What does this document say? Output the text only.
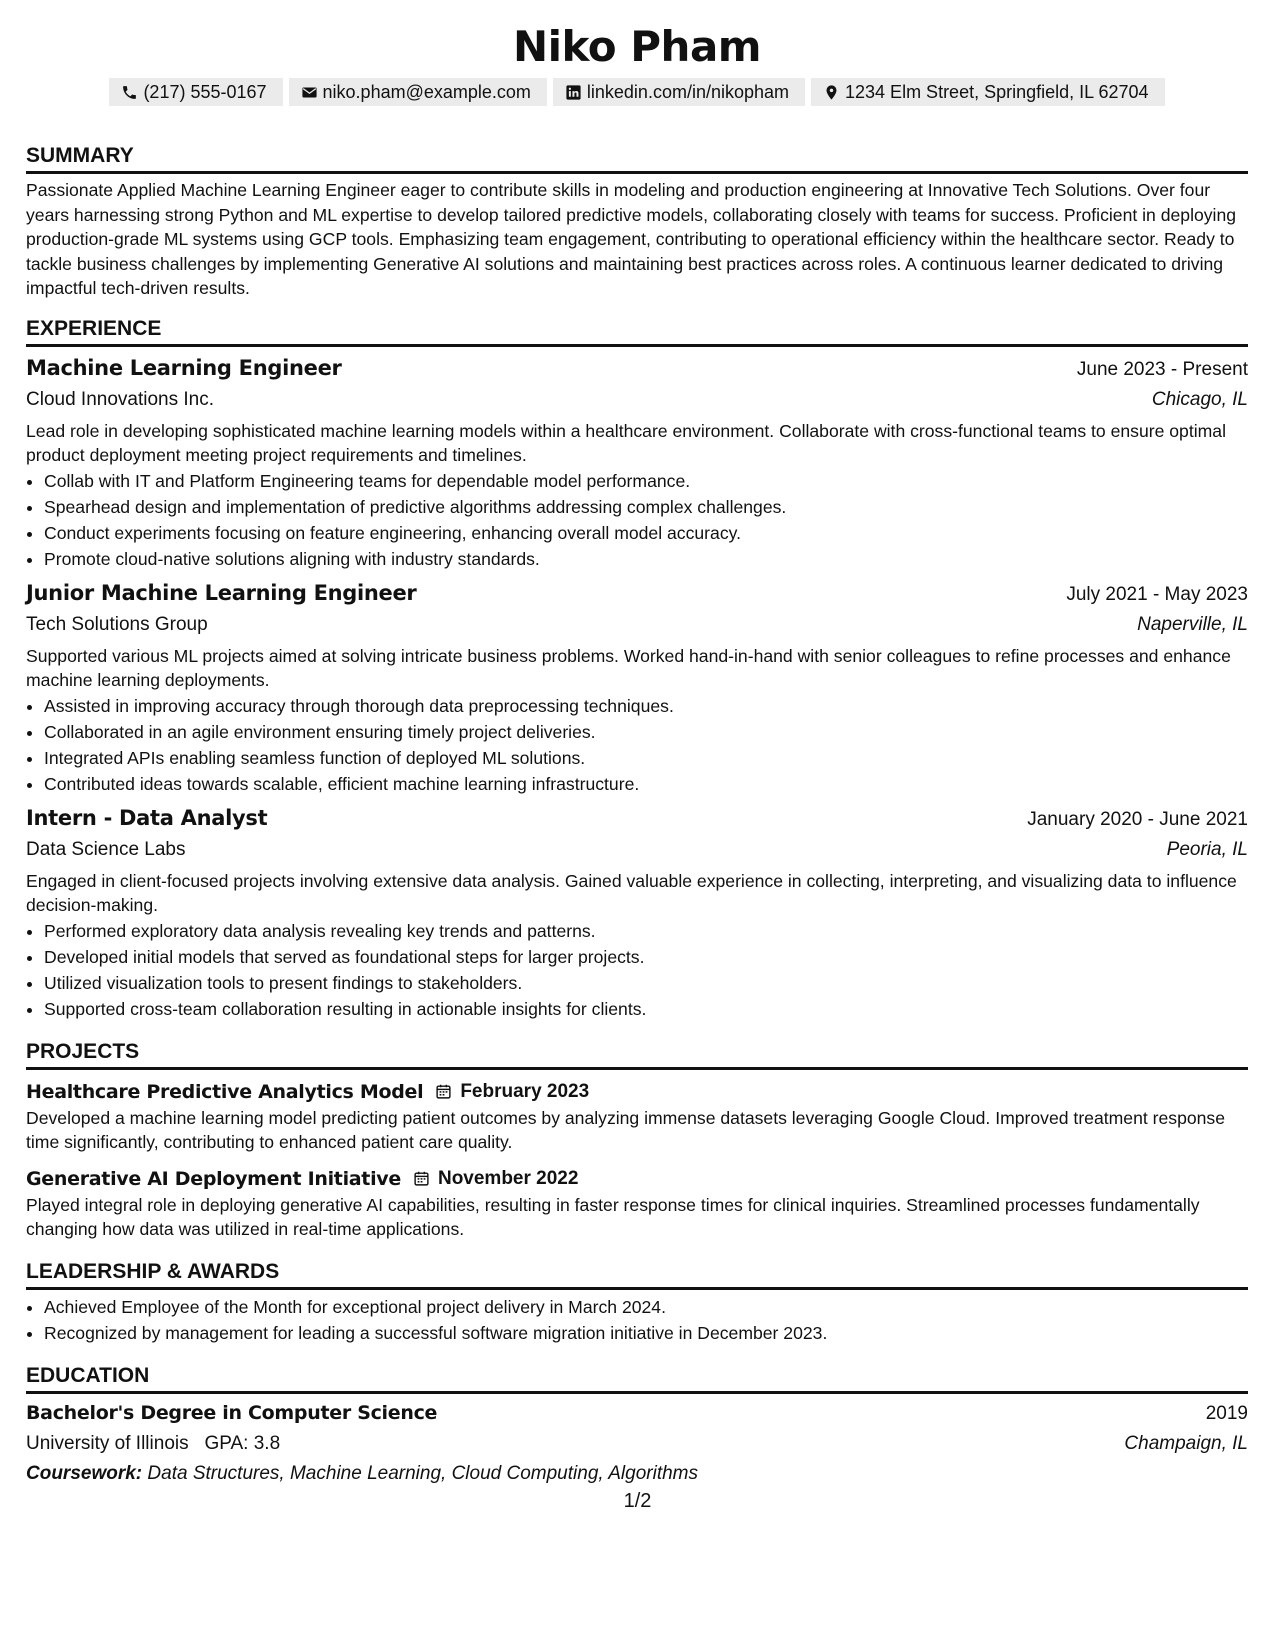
Niko Pham
(217) 555-0167	niko.pham@example.com	linkedin.com/in/nikopham	1234 Elm Street, Springfield, IL 62704
SUMMARY

Passionate Applied Machine Learning Engineer eager to contribute skills in modeling and production engineering at Innovative Tech Solutions. Over four years harnessing strong Python and ML expertise to develop tailored predictive models, collaborating closely with teams for success. Proficient in deploying production-grade ML systems using GCP tools. Emphasizing team engagement, contributing to operational efficiency within the healthcare sector. Ready to tackle business challenges by implementing Generative AI solutions and maintaining best practices across roles. A continuous learner dedicated to driving impactful tech-driven results.

EXPERIENCE
Machine Learning Engineer	June 2023 - Present
Cloud Innovations Inc.	Chicago, IL

Lead role in developing sophisticated machine learning models within a healthcare environment. Collaborate with cross-functional teams to ensure optimal product deployment meeting project requirements and timelines.

• Collab with IT and Platform Engineering teams for dependable model performance.
• Spearhead design and implementation of predictive algorithms addressing complex challenges.
• Conduct experiments focusing on feature engineering, enhancing overall model accuracy.
• Promote cloud-native solutions aligning with industry standards.
Junior Machine Learning Engineer	July 2021 - May 2023
Tech Solutions Group	Naperville, IL

Supported various ML projects aimed at solving intricate business problems. Worked hand-in-hand with senior colleagues to refine processes and enhance machine learning deployments.

• Assisted in improving accuracy through thorough data preprocessing techniques.
• Collaborated in an agile environment ensuring timely project deliveries.
• Integrated APIs enabling seamless function of deployed ML solutions.
• Contributed ideas towards scalable, efficient machine learning infrastructure.
Intern - Data Analyst	January 2020 - June 2021
Data Science Labs	Peoria, IL

Engaged in client-focused projects involving extensive data analysis. Gained valuable experience in collecting, interpreting, and visualizing data to influence decision-making.

• Performed exploratory data analysis revealing key trends and patterns.
• Developed initial models that served as foundational steps for larger projects.
• Utilized visualization tools to present findings to stakeholders.
• Supported cross-team collaboration resulting in actionable insights for clients.
PROJECTS
Healthcare Predictive Analytics Model February 2023

Developed a machine learning model predicting patient outcomes by analyzing immense datasets leveraging Google Cloud. Improved treatment response time significantly, contributing to enhanced patient care quality.

Generative AI Deployment Initiative November 2022

Played integral role in deploying generative AI capabilities, resulting in faster response times for clinical inquiries. Streamlined processes fundamentally changing how data was utilized in real-time applications.

LEADERSHIP & AWARDS
• Achieved Employee of the Month for exceptional project delivery in March 2024.
• Recognized by management for leading a successful software migration initiative in December 2023.
EDUCATION
Bachelor's Degree in Computer Science	2019
University of Illinois GPA: 3.8	Champaign, IL
Coursework: Data Structures, Machine Learning, Cloud Computing, Algorithms
1/2
